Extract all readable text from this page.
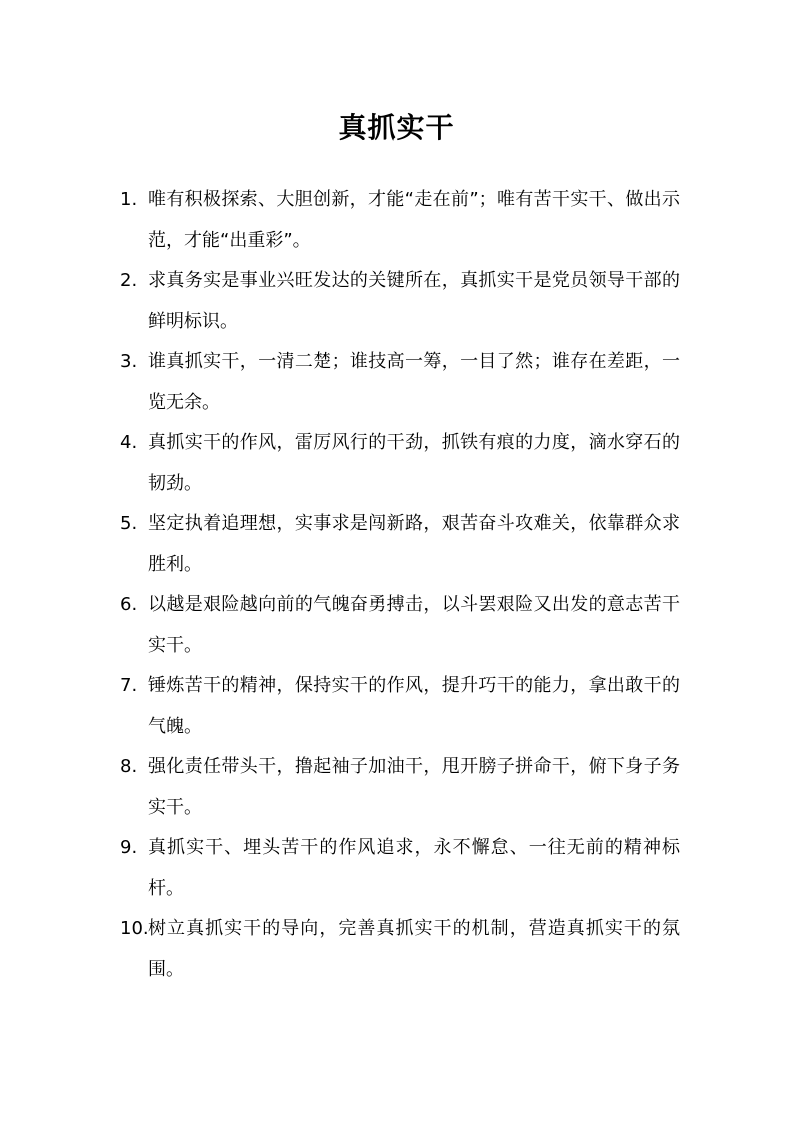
真抓实干
1. 唯有积极探索、大胆创新，才能“走在前”；唯有苦干实干、做出示范，才能“出重彩”。
2. 求真务实是事业兴旺发达的关键所在，真抓实干是党员领导干部的鲜明标识。
3. 谁真抓实干，一清二楚；谁技高一筹，一目了然；谁存在差距，一览无余。
4. 真抓实干的作风，雷厉风行的干劲，抓铁有痕的力度，滴水穿石的韧劲。
5. 坚定执着追理想，实事求是闯新路，艰苦奋斗攻难关，依靠群众求胜利。
6. 以越是艰险越向前的气魄奋勇搏击，以斗罢艰险又出发的意志苦干实干。
7. 锤炼苦干的精神，保持实干的作风，提升巧干的能力，拿出敢干的气魄。
8. 强化责任带头干，撸起袖子加油干，甩开膀子拼命干，俯下身子务实干。
9. 真抓实干、埋头苦干的作风追求，永不懈怠、一往无前的精神标杆。
10. 树立真抓实干的导向，完善真抓实干的机制，营造真抓实干的氛围。
